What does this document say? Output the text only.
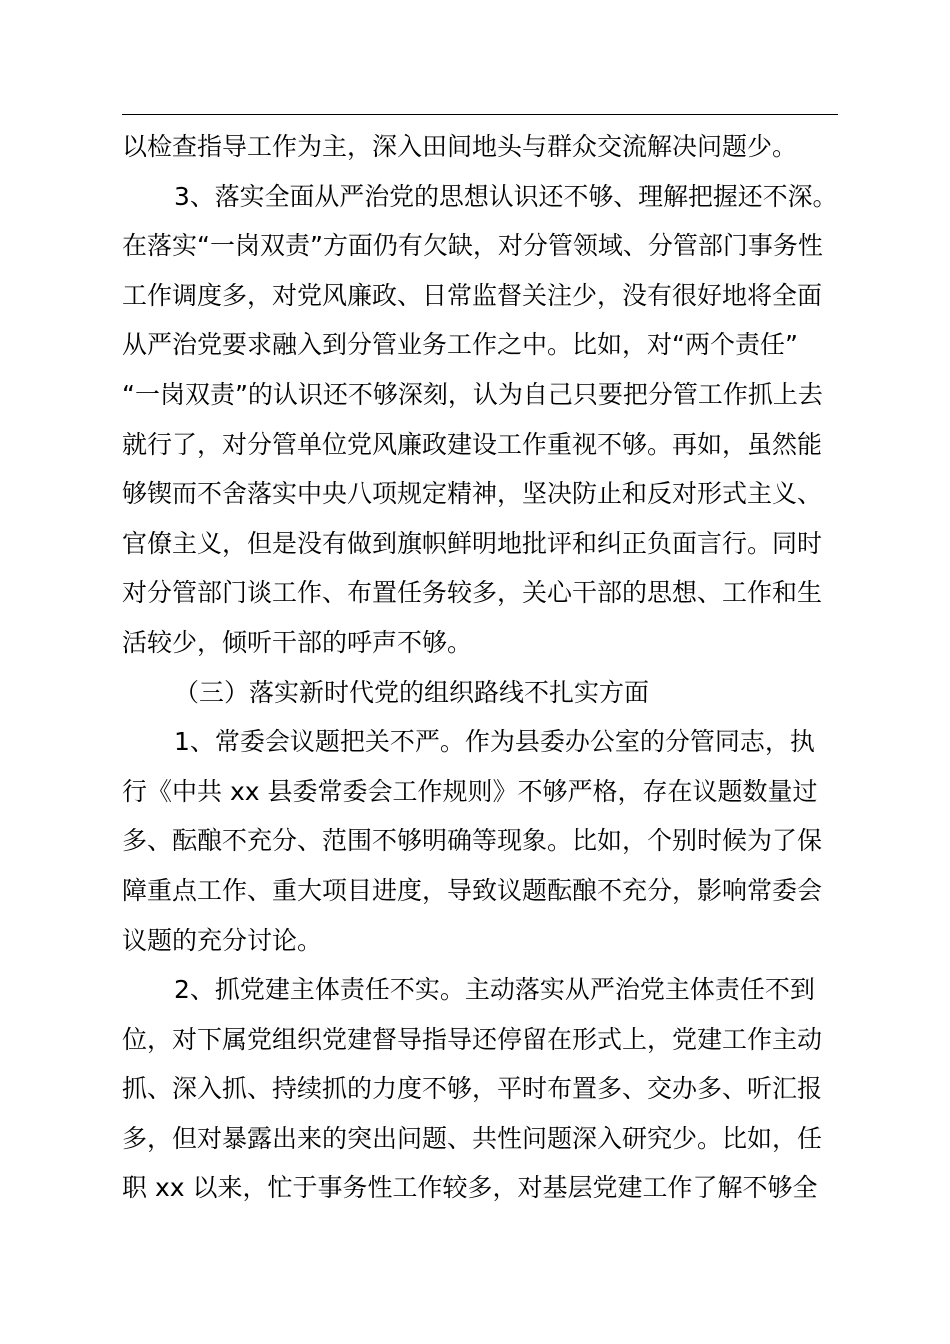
以检查指导工作为主，深入田间地头与群众交流解决问题少。
3、落实全面从严治党的思想认识还不够、理解把握还不深。
在落实“一岗双责”方面仍有欠缺，对分管领域、分管部门事务性
工作调度多，对党风廉政、日常监督关注少，没有很好地将全面
从严治党要求融入到分管业务工作之中。比如，对“两个责任”
“一岗双责”的认识还不够深刻，认为自己只要把分管工作抓上去
就行了，对分管单位党风廉政建设工作重视不够。再如，虽然能
够锲而不舍落实中央八项规定精神，坚决防止和反对形式主义、
官僚主义，但是没有做到旗帜鲜明地批评和纠正负面言行。同时
对分管部门谈工作、布置任务较多，关心干部的思想、工作和生
活较少，倾听干部的呼声不够。
（三）落实新时代党的组织路线不扎实方面
1、常委会议题把关不严。作为县委办公室的分管同志，执
行《中共 xx 县委常委会工作规则》不够严格，存在议题数量过
多、酝酿不充分、范围不够明确等现象。比如，个别时候为了保
障重点工作、重大项目进度，导致议题酝酿不充分，影响常委会
议题的充分讨论。
2、抓党建主体责任不实。主动落实从严治党主体责任不到
位，对下属党组织党建督导指导还停留在形式上，党建工作主动
抓、深入抓、持续抓的力度不够，平时布置多、交办多、听汇报
多，但对暴露出来的突出问题、共性问题深入研究少。比如，任
职 xx 以来，忙于事务性工作较多，对基层党建工作了解不够全
